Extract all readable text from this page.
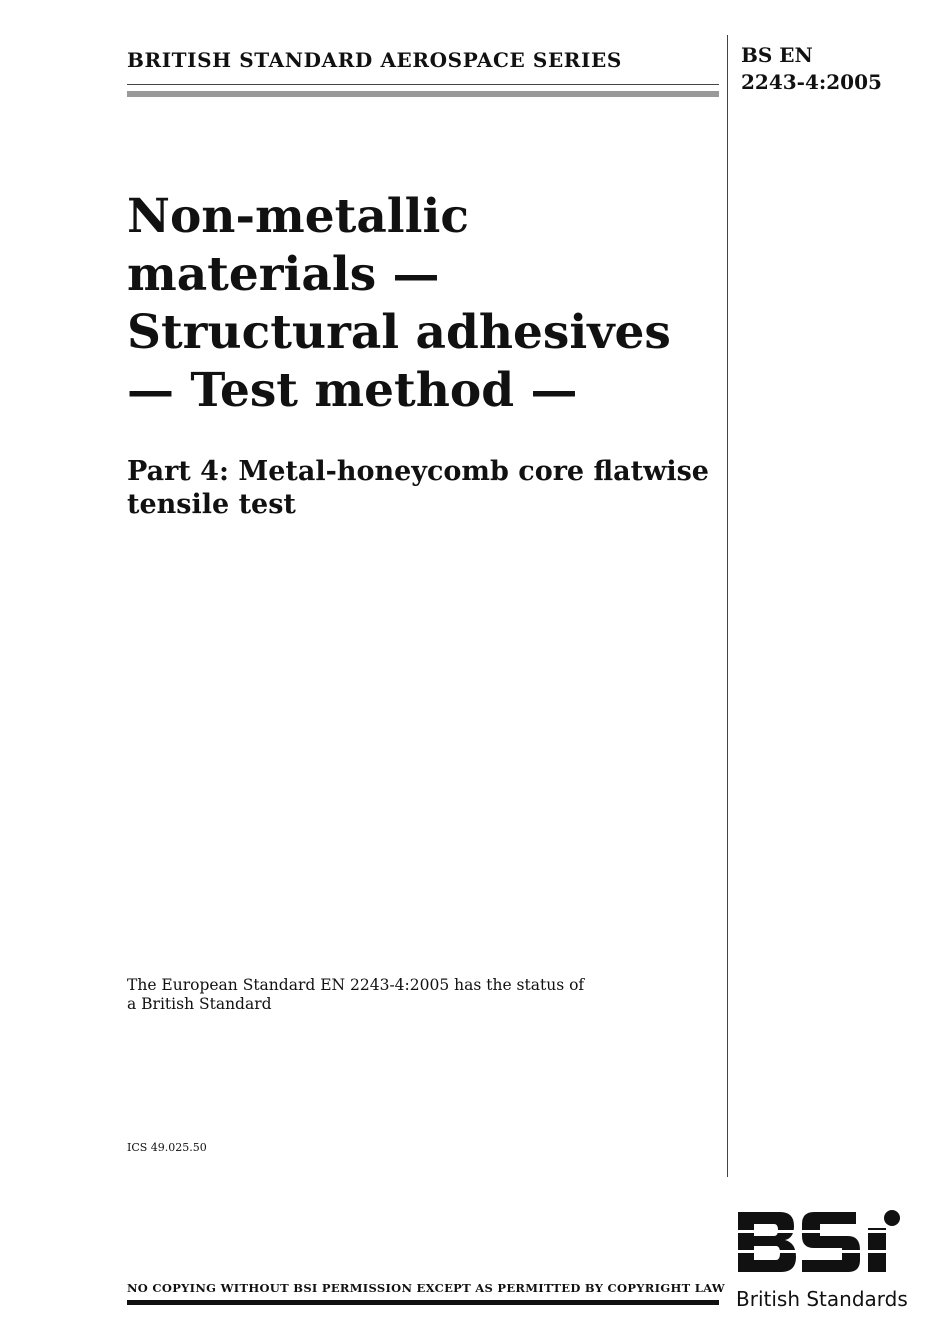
BRITISH STANDARD AEROSPACE SERIES	BS EN
2243-4:2005
Non-metallic materials — Structural adhesives — Test method —
Part 4: Metal-honeycomb core flatwise tensile test
The European Standard EN 2243-4:2005 has the status of a British Standard
ICS 49.025.50
NO COPYING WITHOUT BSI PERMISSION EXCEPT AS PERMITTED BY COPYRIGHT LAW British Standards
